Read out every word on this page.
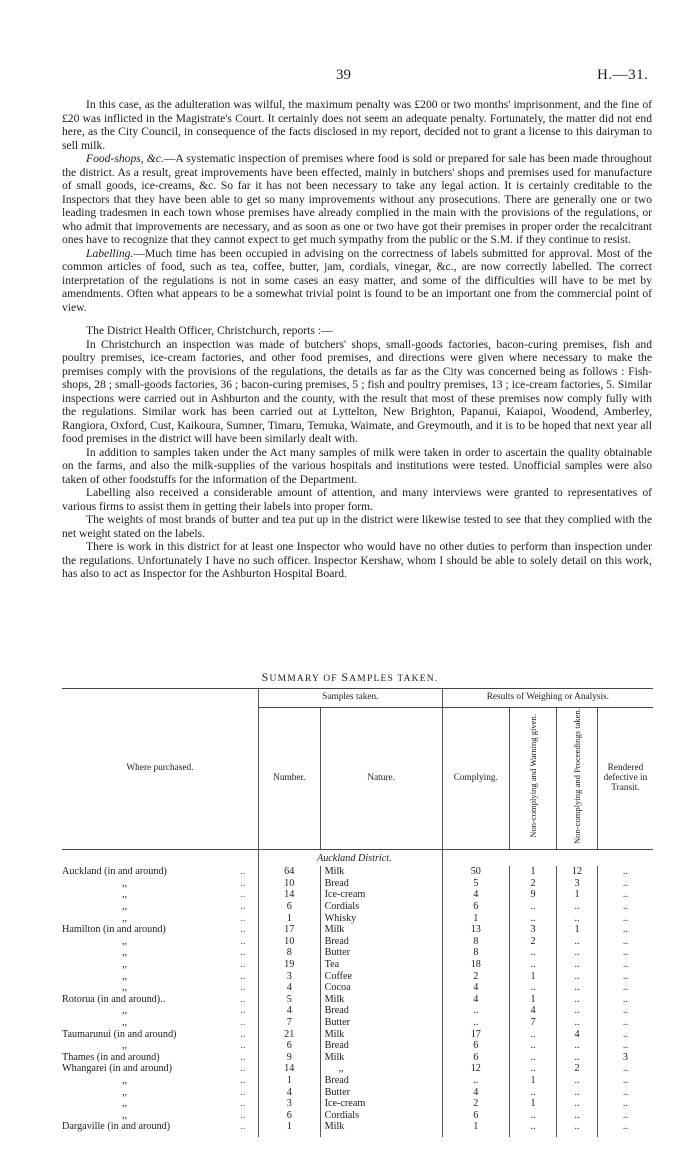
39	H.—31.

In this case, as the adulteration was wilful, the maximum penalty was £200 or two months' imprisonment, and the fine of £20 was inflicted in the Magistrate's Court. It certainly does not seem an adequate penalty. Fortunately, the matter did not end here, as the City Council, in consequence of the facts disclosed in my report, decided not to grant a license to this dairyman to sell milk.

Food-shops, &c.—A systematic inspection of premises where food is sold or prepared for sale has been made throughout the district. As a result, great improvements have been effected, mainly in butchers' shops and premises used for manufacture of small goods, ice-creams, &c. So far it has not been necessary to take any legal action. It is certainly creditable to the Inspectors that they have been able to get so many improvements without any prosecutions. There are generally one or two leading tradesmen in each town whose premises have already complied in the main with the provisions of the regulations, or who admit that improvements are necessary, and as soon as one or two have got their premises in proper order the recalcitrant ones have to recognize that they cannot expect to get much sympathy from the public or the S.M. if they continue to resist.

Labelling.—Much time has been occupied in advising on the correctness of labels submitted for approval. Most of the common articles of food, such as tea, coffee, butter, jam, cordials, vinegar, &c., are now correctly labelled. The correct interpretation of the regulations is not in some cases an easy matter, and some of the difficulties will have to be met by amendments. Often what appears to be a somewhat trivial point is found to be an important one from the commercial point of view.

The District Health Officer, Christchurch, reports :—

In Christchurch an inspection was made of butchers' shops, small-goods factories, bacon-curing premises, fish and poultry premises, ice-cream factories, and other food premises, and directions were given where necessary to make the premises comply with the provisions of the regulations, the details as far as the City was concerned being as follows : Fish-shops, 28 ; small-goods factories, 36 ; bacon-curing premises, 5 ; fish and poultry premises, 13 ; ice-cream factories, 5. Similar inspections were carried out in Ashburton and the county, with the result that most of these premises now comply fully with the regulations. Similar work has been carried out at Lyttelton, New Brighton, Papanui, Kaiapoi, Woodend, Amberley, Rangiora, Oxford, Cust, Kaikoura, Sumner, Timaru, Temuka, Waimate, and Greymouth, and it is to be hoped that next year all food premises in the district will have been similarly dealt with.

In addition to samples taken under the Act many samples of milk were taken in order to ascertain the quality obtainable on the farms, and also the milk-supplies of the various hospitals and institutions were tested. Unofficial samples were also taken of other foodstuffs for the information of the Department.

Labelling also received a considerable amount of attention, and many interviews were granted to representatives of various firms to assist them in getting their labels into proper form.

The weights of most brands of butter and tea put up in the district were likewise tested to see that they complied with the net weight stated on the labels.

There is work in this district for at least one Inspector who would have no other duties to perform than inspection under the regulations. Unfortunately I have no such officer. Inspector Kershaw, whom I should be able to solely detail on this work, has also to act as Inspector for the Ashburton Hospital Board.

SUMMARY OF SAMPLES TAKEN.
Where purchased.		Samples taken.		Results of Weighing or Analysis.			
		Number.	Nature.	Complying.	Non-complying and Warning given.	Non-complying and Proceedings taken.	Rendered defective in Transit.
		Auckland District.					
Auckland (in and around)	..	64	Milk	50	1	12	..
,,	..	10	Bread	5	2	3	..
,,	..	14	Ice-cream	4	9	1	..
,,	..	6	Cordials	6	..	..	..
,,	..	1	Whisky	1	..	..	..
Hamilton (in and around)	..	17	Milk	13	3	1	..
,,	..	10	Bread	8	2	..	..
,,	..	8	Butter	8	..	..	..
,,	..	19	Tea	18	..	..	..
,,	..	3	Coffee	2	1	..	..
,,	..	4	Cocoa	4	..	..	..
Rotorua (in and around)..	..	5	Milk	4	1	..	..
,,	..	4	Bread	..	4	..	..
,,	..	7	Butter	..	7	..	..
Taumarunui (in and around)	..	21	Milk	17	..	4	..
,,	..	6	Bread	6	..	..	..
Thames (in and around)	..	9	Milk	6	..	..	3
Whangarei (in and around)	..	14	,,	12	..	2	..
,,	..	1	Bread	..	1	..	..
,,	..	4	Butter	4	..	..	..
,,	..	3	Ice-cream	2	1	..	..
,,	..	6	Cordials	6	..	..	..
Dargaville (in and around)	..	1	Milk	1	..	..	..
